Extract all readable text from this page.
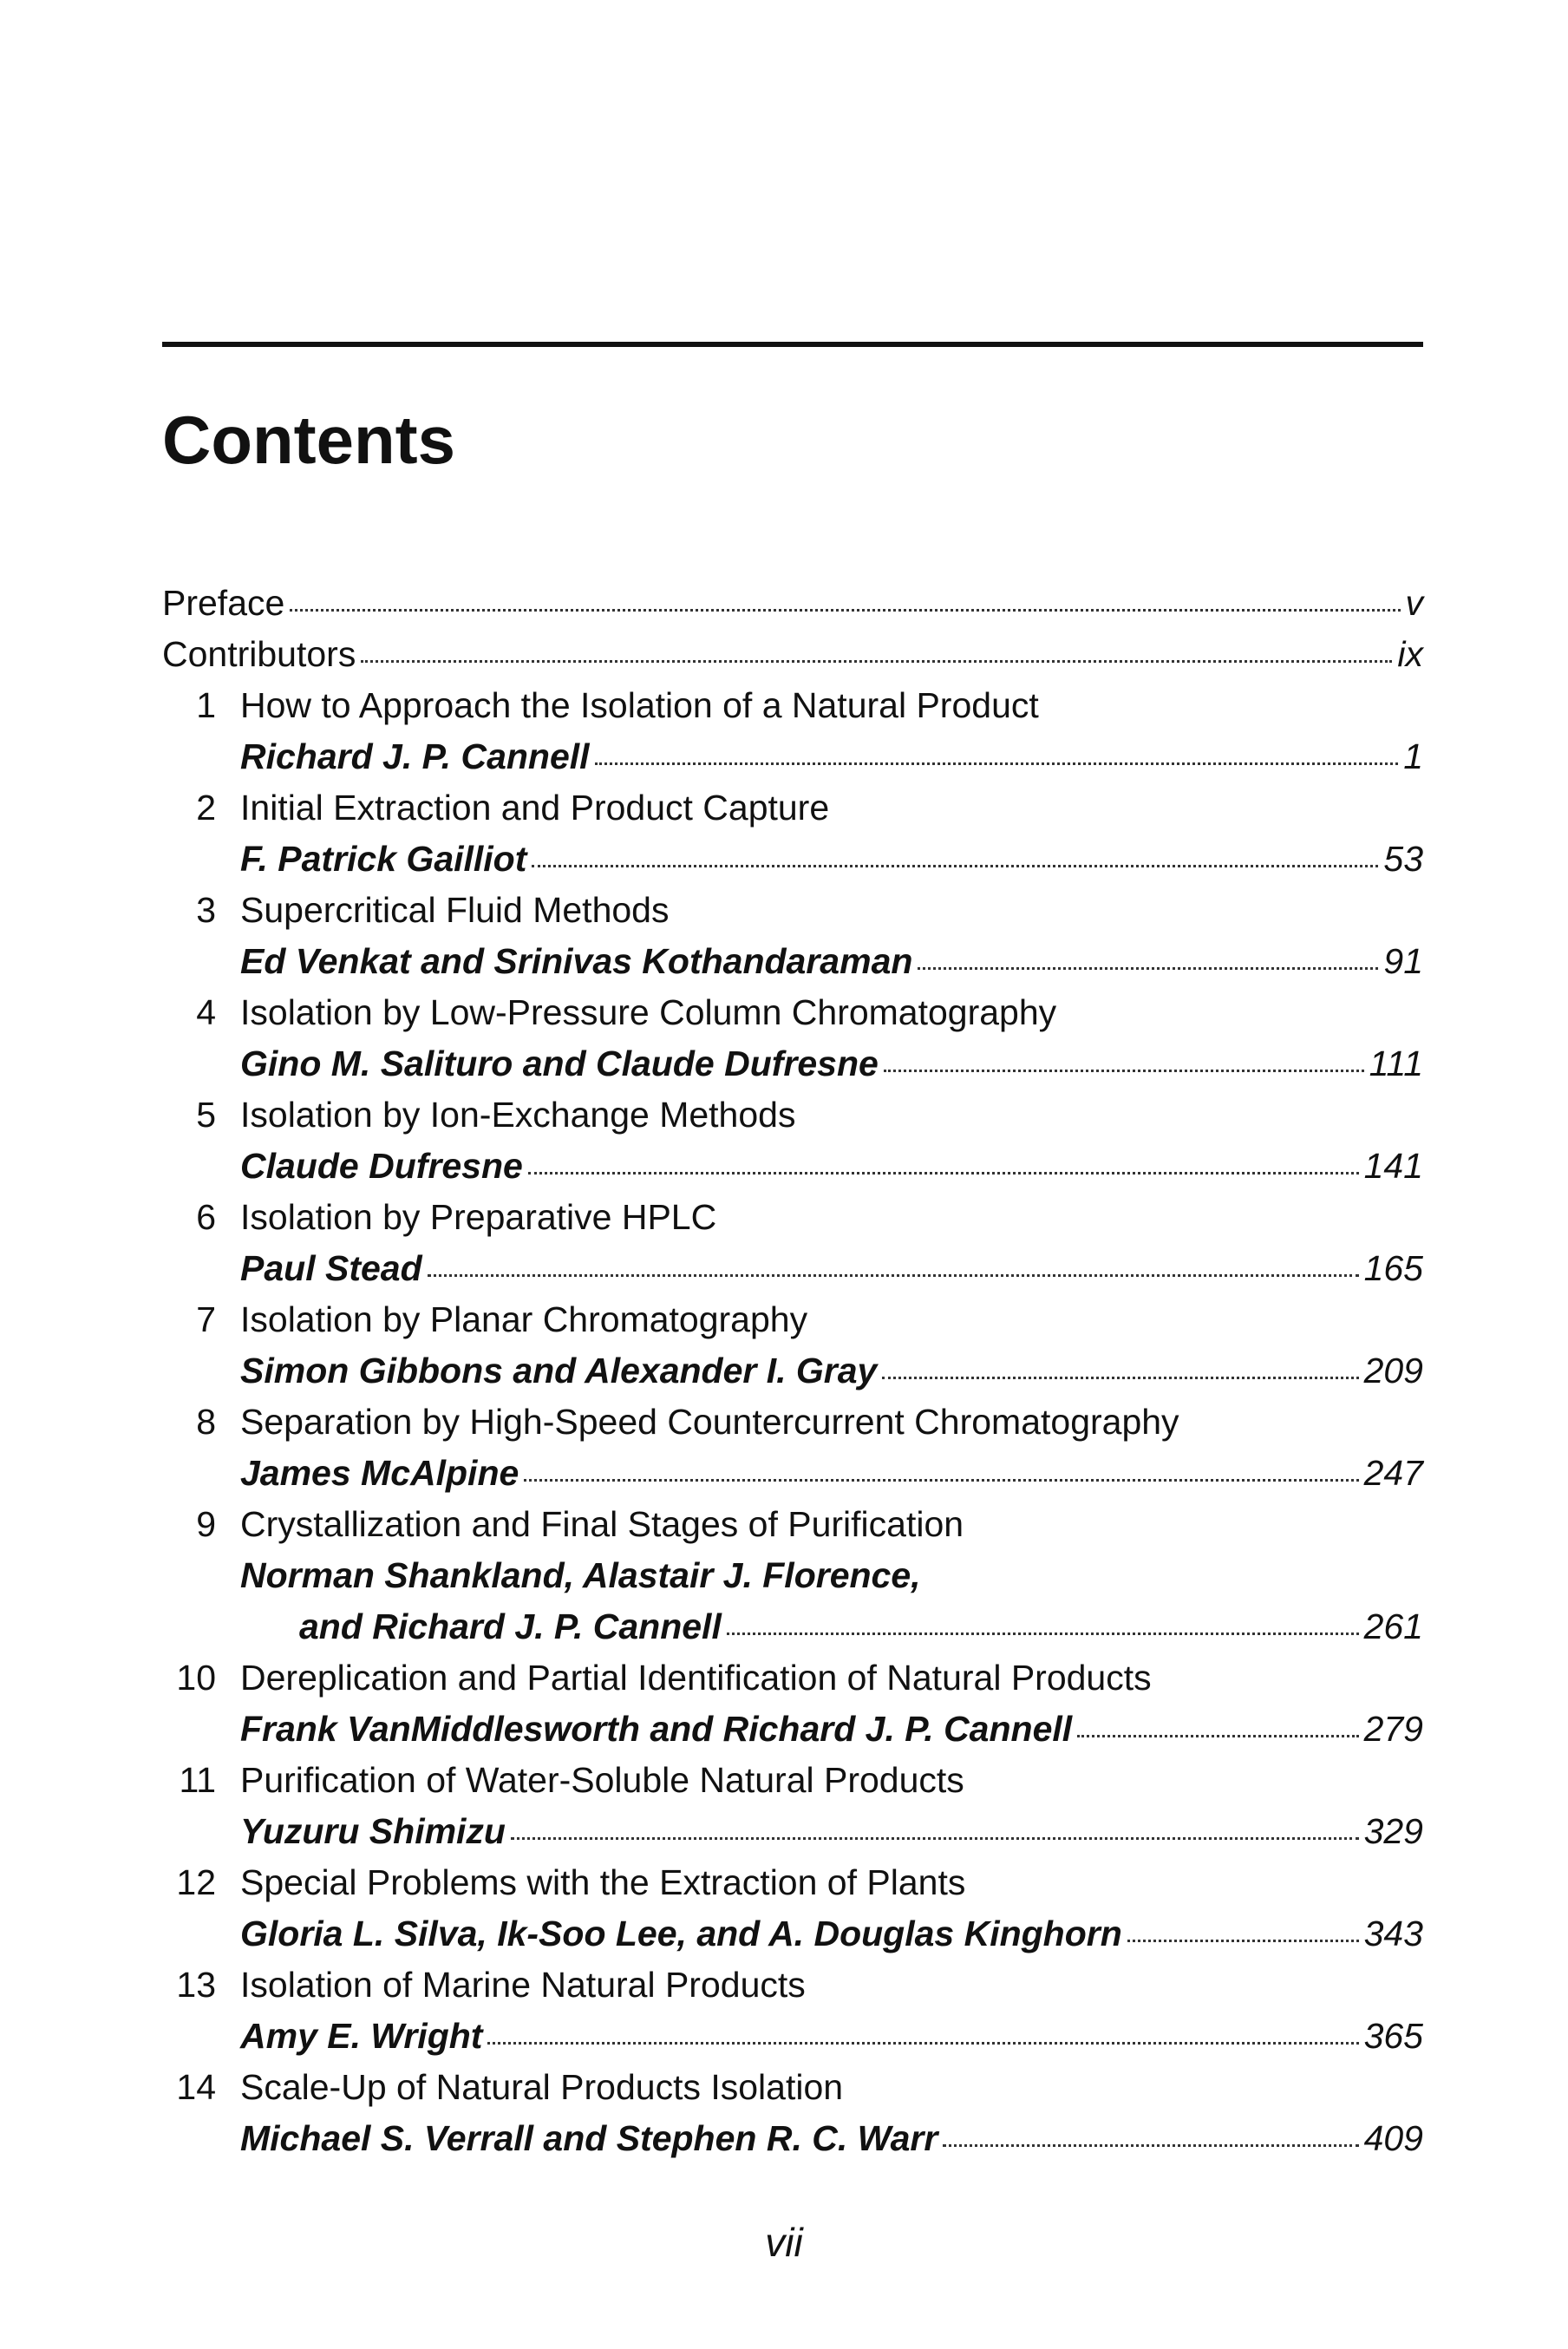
Contents
Preface	v
Contributors	ix
1 How to Approach the Isolation of a Natural Product
Richard J. P. Cannell	1
2 Initial Extraction and Product Capture
F. Patrick Gailliot	53
3 Supercritical Fluid Methods
Ed Venkat and Srinivas Kothandaraman	91
4 Isolation by Low-Pressure Column Chromatography
Gino M. Salituro and Claude Dufresne	111
5 Isolation by Ion-Exchange Methods
Claude Dufresne	141
6 Isolation by Preparative HPLC
Paul Stead	165
7 Isolation by Planar Chromatography
Simon Gibbons and Alexander I. Gray	209
8 Separation by High-Speed Countercurrent Chromatography
James McAlpine	247
9 Crystallization and Final Stages of Purification
Norman Shankland, Alastair J. Florence,
and Richard J. P. Cannell	261
10 Dereplication and Partial Identification of Natural Products
Frank VanMiddlesworth and Richard J. P. Cannell	279
11 Purification of Water-Soluble Natural Products
Yuzuru Shimizu	329
12 Special Problems with the Extraction of Plants
Gloria L. Silva, Ik-Soo Lee, and A. Douglas Kinghorn	343
13 Isolation of Marine Natural Products
Amy E. Wright	365
14 Scale-Up of Natural Products Isolation
Michael S. Verrall and Stephen R. C. Warr	409
vii
